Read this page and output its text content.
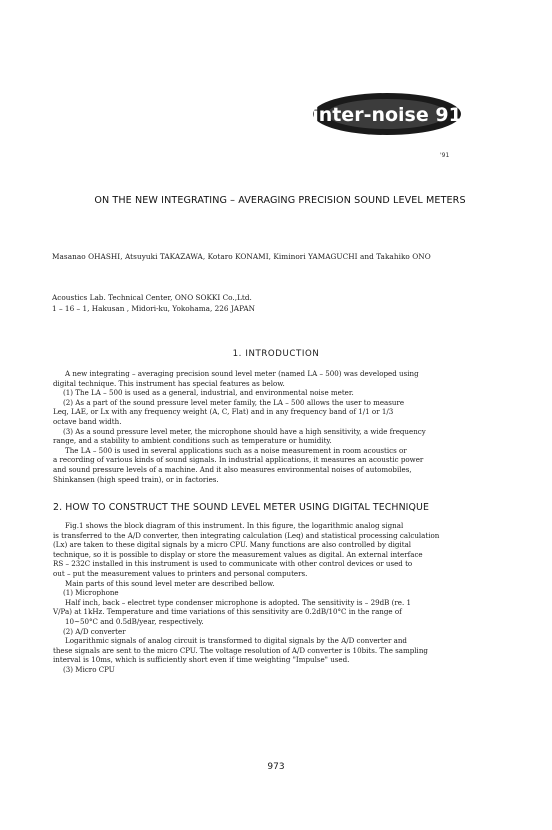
inter-noise 91
'91
ON THE NEW INTEGRATING – AVERAGING PRECISION SOUND LEVEL METERS
Masanao OHASHI, Atsuyuki TAKAZAWA, Kotaro KONAMI, Kiminori YAMAGUCHI and Takahiko ONO
Acoustics Lab. Technical Center, ONO SOKKI Co.,Ltd.
1 – 16 – 1, Hakusan , Midori-ku, Yokohama, 226 JAPAN
1. INTRODUCTION

A new integrating – averaging precision sound level meter (named LA – 500) was developed using

digital technique. This instrument has special features as below.

(1) The LA – 500 is used as a general, industrial, and environmental noise meter.

(2) As a part of the sound pressure level meter family, the LA – 500 allows the user to measure

Leq, LAE, or Lx with any frequency weight (A, C, Flat) and in any frequency band of 1/1 or 1/3

octave band width.

(3) As a sound pressure level meter, the microphone should have a high sensitivity, a wide frequency

range, and a stability to ambient conditions such as temperature or humidity.

The LA – 500 is used in several applications such as a noise measurement in room acoustics or

a recording of various kinds of sound signals. In industrial applications, it measures an acoustic power

and sound pressure levels of a machine. And it also measures environmental noises of automobiles,

Shinkansen (high speed train), or in factories.

2. HOW TO CONSTRUCT THE SOUND LEVEL METER USING DIGITAL TECHNIQUE

Fig.1 shows the block diagram of this instrument. In this figure, the logarithmic analog signal

is transferred to the A/D converter, then integrating calculation (Leq) and statistical processing calculation

(Lx) are taken to these digital signals by a micro CPU. Many functions are also controlled by digital

technique, so it is possible to display or store the measurement values as digital. An external interface

RS – 232C installed in this instrument is used to communicate with other control devices or used to

out – put the measurement values to printers and personal computers.

Main parts of this sound level meter are described bellow.

(1) Microphone

Half inch, back – electret type condenser microphone is adopted. The sensitivity is – 29dB (re. 1

V/Pa) at 1kHz. Temperature and time variations of this sensitivity are 0.2dB/10°C in the range of

10~50°C and 0.5dB/year, respectively.

(2) A/D converter

Logarithmic signals of analog circuit is transformed to digital signals by the A/D converter and

these signals are sent to the micro CPU. The voltage resolution of A/D converter is 10bits. The sampling

interval is 10ms, which is sufficiently short even if time weighting "Impulse" used.

(3) Micro CPU

973
